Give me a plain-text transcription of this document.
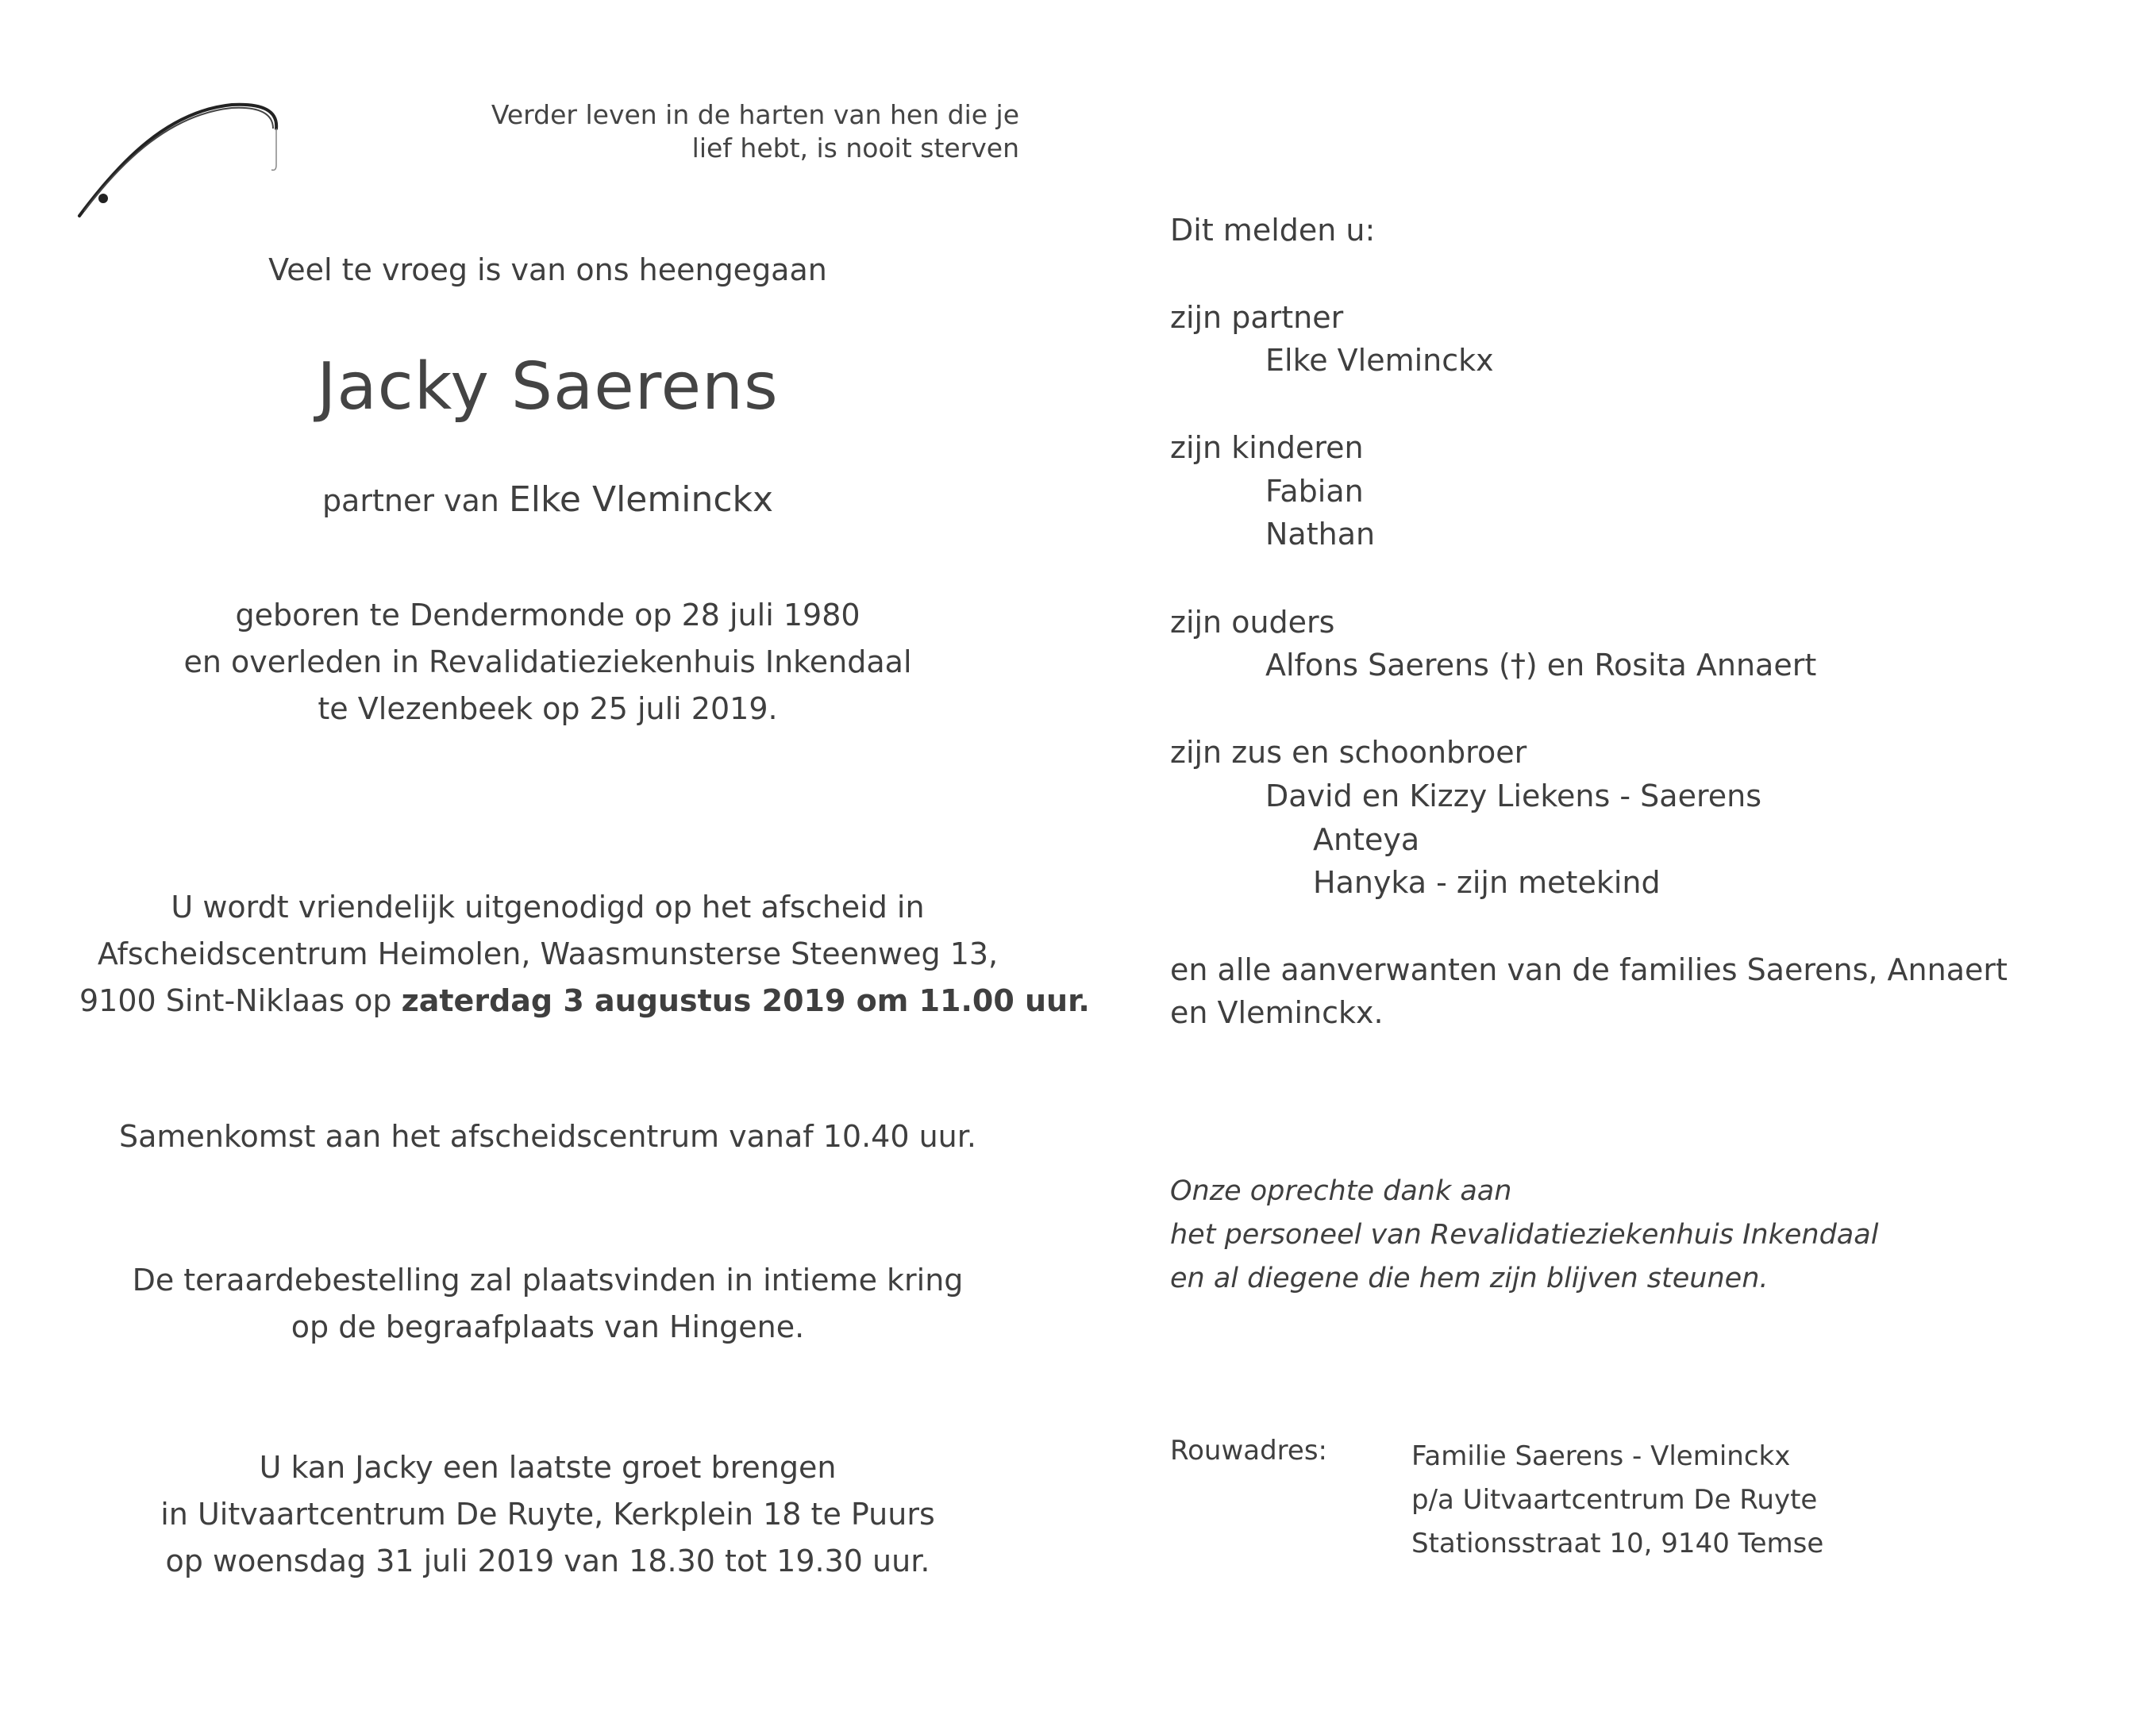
Verder leven in de harten van hen die je
lief hebt, is nooit sterven
Veel te vroeg is van ons heengegaan
Jacky Saerens
partner van Elke Vleminckx
geboren te Dendermonde op 28 juli 1980
en overleden in Revalidatieziekenhuis Inkendaal
te Vlezenbeek op 25 juli 2019.
U wordt vriendelijk uitgenodigd op het afscheid in
Afscheidscentrum Heimolen, Waasmunsterse Steenweg 13,
9100 Sint-Niklaas op zaterdag 3 augustus 2019 om 11.00 uur.
Samenkomst aan het afscheidscentrum vanaf 10.40 uur.
De teraardebestelling zal plaatsvinden in intieme kring
op de begraafplaats van Hingene.
U kan Jacky een laatste groet brengen
in Uitvaartcentrum De Ruyte, Kerkplein 18 te Puurs
op woensdag 31 juli 2019 van 18.30 tot 19.30 uur.
Dit melden u:
zijn partner
Elke Vleminckx
zijn kinderen
Fabian
Nathan
zijn ouders
Alfons Saerens (†) en Rosita Annaert
zijn zus en schoonbroer
David en Kizzy Liekens - Saerens
Anteya
Hanyka - zijn metekind
en alle aanverwanten van de families Saerens, Annaert
en Vleminckx.
Onze oprechte dank aan
het personeel van Revalidatieziekenhuis Inkendaal
en al diegene die hem zijn blijven steunen.
Rouwadres:	Familie Saerens - Vleminckx
p/a Uitvaartcentrum De Ruyte
Stationsstraat 10, 9140 Temse
